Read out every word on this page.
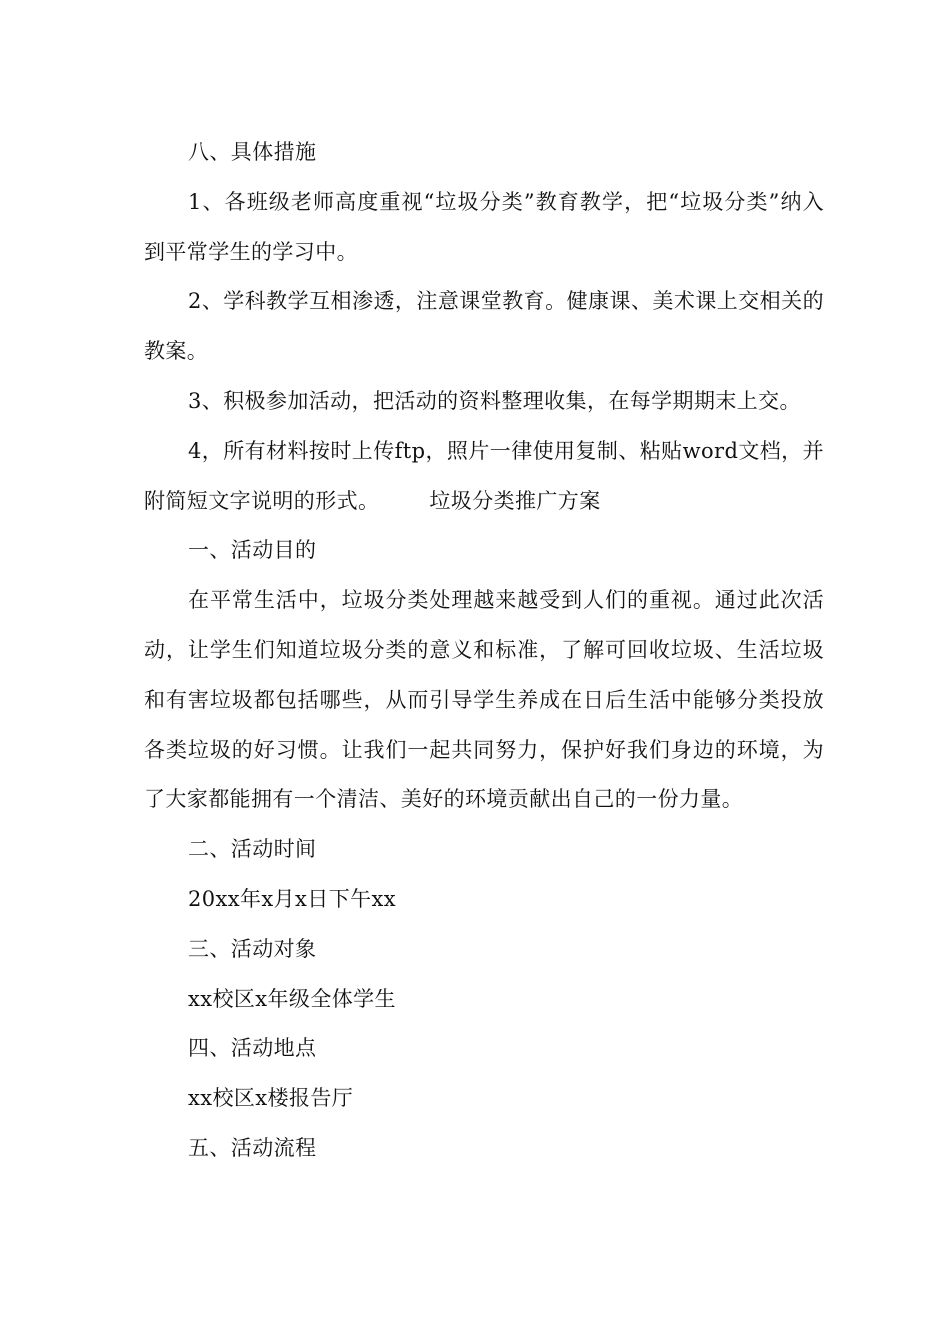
八、具体措施

1、各班级老师高度重视“垃圾分类”教育教学，把“垃圾分类”纳入到平常学生的学习中。

2、学科教学互相渗透，注意课堂教育。健康课、美术课上交相关的教案。

3、积极参加活动，把活动的资料整理收集，在每学期期末上交。

4，所有材料按时上传ftp，照片一律使用复制、粘贴word文档，并附简短文字说明的形式。 垃圾分类推广方案

一、活动目的

在平常生活中，垃圾分类处理越来越受到人们的重视。通过此次活动，让学生们知道垃圾分类的意义和标准，了解可回收垃圾、生活垃圾和有害垃圾都包括哪些，从而引导学生养成在日后生活中能够分类投放各类垃圾的好习惯。让我们一起共同努力，保护好我们身边的环境，为了大家都能拥有一个清洁、美好的环境贡献出自己的一份力量。

二、活动时间

20xx年x月x日下午xx

三、活动对象

xx校区x年级全体学生

四、活动地点

xx校区x楼报告厅

五、活动流程
